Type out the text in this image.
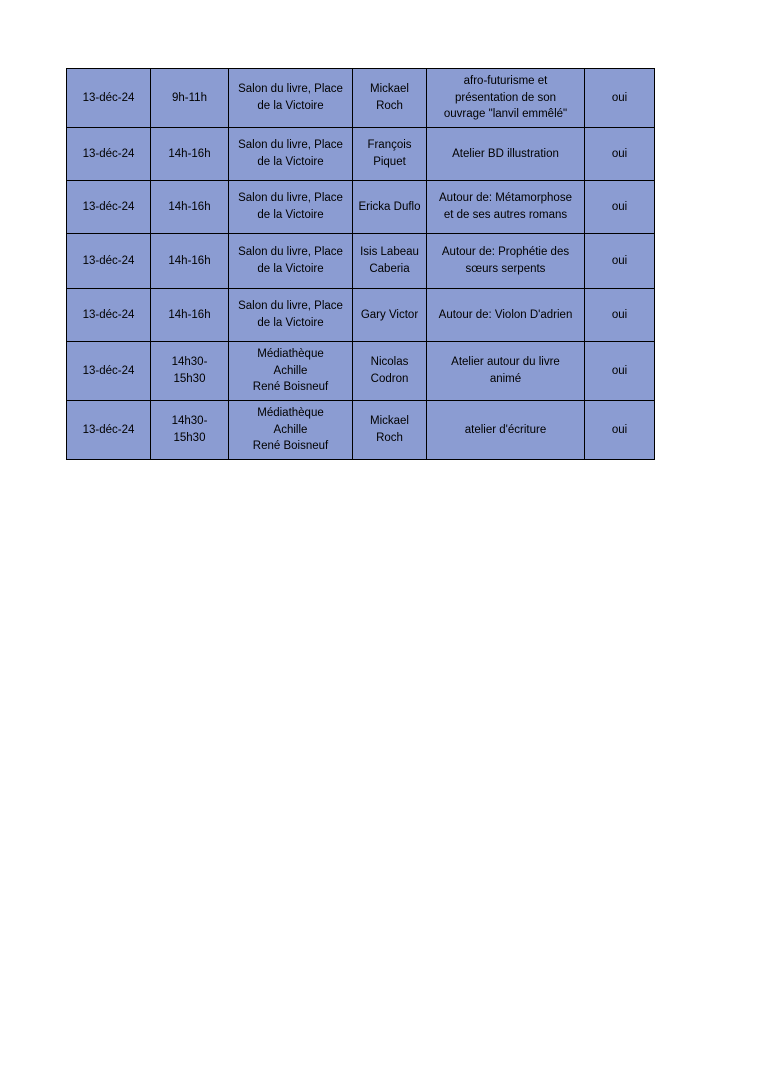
13-déc-24	9h-11h	Salon du livre, Place
de la Victoire	Mickael
Roch	afro-futurisme et
présentation de son
ouvrage "lanvil emmêlé"	oui
13-déc-24	14h-16h	Salon du livre, Place
de la Victoire	François
Piquet	Atelier BD illustration	oui
13-déc-24	14h-16h	Salon du livre, Place
de la Victoire	Ericka Duflo	Autour de: Métamorphose
et de ses autres romans	oui
13-déc-24	14h-16h	Salon du livre, Place
de la Victoire	Isis Labeau
Caberia	Autour de: Prophétie des
sœurs serpents	oui
13-déc-24	14h-16h	Salon du livre, Place
de la Victoire	Gary Victor	Autour de: Violon D'adrien	oui
13-déc-24	14h30-
15h30	Médiathèque
Achille
René Boisneuf	Nicolas
Codron	Atelier autour du livre
animé	oui
13-déc-24	14h30-
15h30	Médiathèque
Achille
René Boisneuf	Mickael
Roch	atelier d'écriture	oui
